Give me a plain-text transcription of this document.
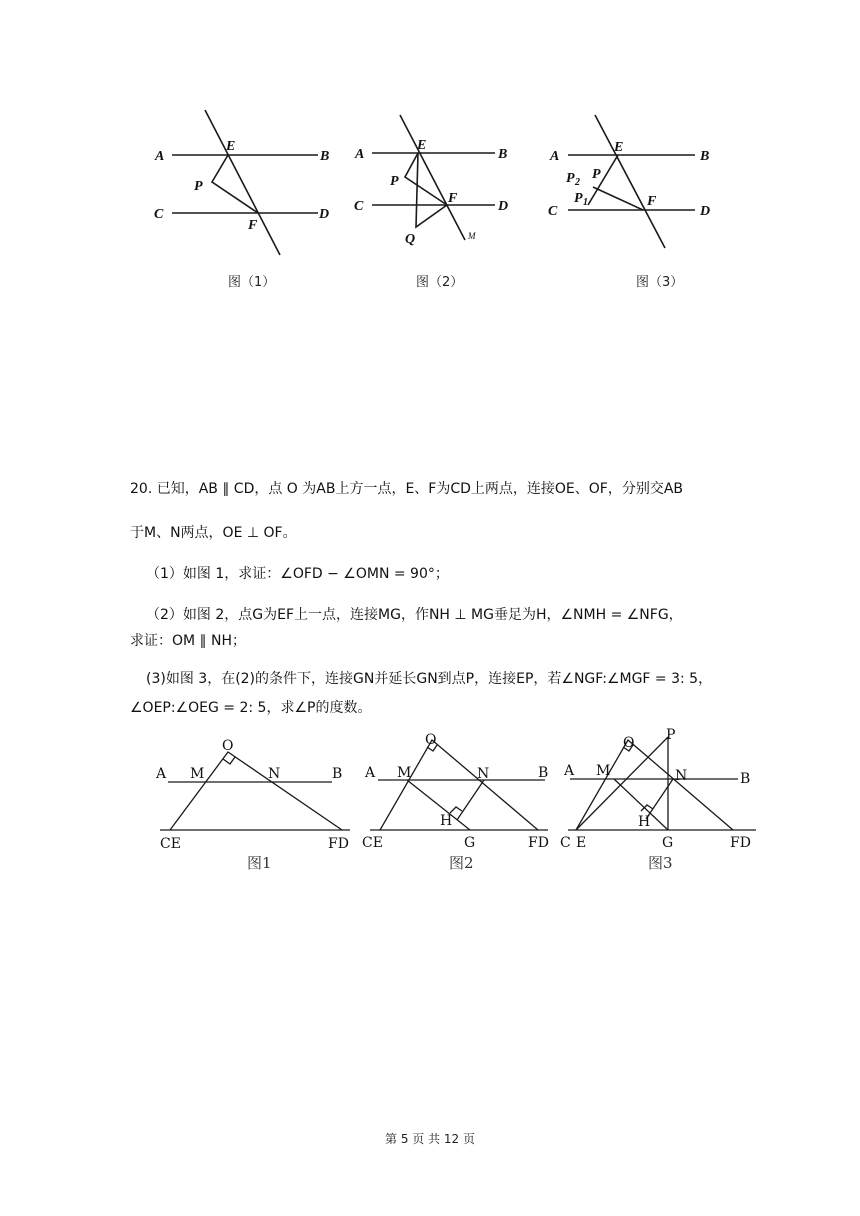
A	B
C	D
E
F
P
图（1）
A	B
C	D
E
F
P
Q	M
图（2）
A	B
C	D
E
F
P
P 2
P 1
图（3）
20. 已知，AB ∥ CD，点 O 为AB上方一点，E、F为CD上两点，连接OE、OF，分别交AB
于M、N两点，OE ⊥ OF。
（1）如图 1，求证：∠OFD − ∠OMN = 90°；
（2）如图 2，点G为EF上一点，连接MG，作NH ⊥ MG垂足为H，∠NMH = ∠NFG，
求证：OM ∥ NH；
(3)如图 3，在(2)的条件下，连接GN并延长GN到点P，连接EP，若∠NGF:∠MGF = 3: 5，
∠OEP:∠OEG = 2: 5，求∠P的度数。
A M
O
N	B
CE	FD
图1
A M
O
N	B
H
G
CE	FD
图2
A M
O P
N	B
H
G
C E	FD
图3
第 5 页 共 12 页
